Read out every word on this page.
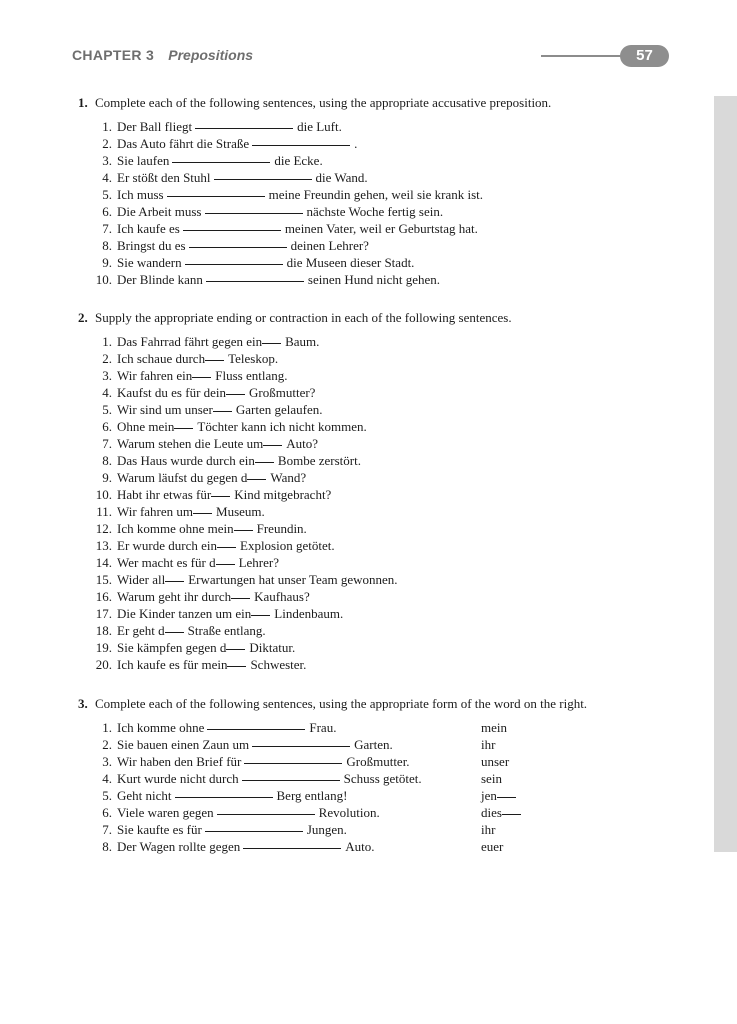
CHAPTER 3 Prepositions	57

1. Complete each of the following sentences, using the appropriate accusative preposition.

1. Der Ball fliegt	die Luft.
2. Das Auto fährt die Straße	.
3. Sie laufen	die Ecke.
4. Er stößt den Stuhl	die Wand.
5. Ich muss	meine Freundin gehen, weil sie krank ist.
6. Die Arbeit muss	nächste Woche fertig sein.
7. Ich kaufe es	meinen Vater, weil er Geburtstag hat.
8. Bringst du es	deinen Lehrer?
9. Sie wandern	die Museen dieser Stadt.
10. Der Blinde kann	seinen Hund nicht gehen.

2. Supply the appropriate ending or contraction in each of the following sentences.

1. Das Fahrrad fährt gegen ein Baum.
2. Ich schaue durch Teleskop.
3. Wir fahren ein Fluss entlang.
4. Kaufst du es für dein Großmutter?
5. Wir sind um unser Garten gelaufen.
6. Ohne mein Töchter kann ich nicht kommen.
7. Warum stehen die Leute um Auto?
8. Das Haus wurde durch ein Bombe zerstört.
9. Warum läufst du gegen d Wand?
10. Habt ihr etwas für Kind mitgebracht?
11. Wir fahren um Museum.
12. Ich komme ohne mein Freundin.
13. Er wurde durch ein Explosion getötet.
14. Wer macht es für d Lehrer?
15. Wider all Erwartungen hat unser Team gewonnen.
16. Warum geht ihr durch Kaufhaus?
17. Die Kinder tanzen um ein Lindenbaum.
18. Er geht d Straße entlang.
19. Sie kämpfen gegen d Diktatur.
20. Ich kaufe es für mein Schwester.

3. Complete each of the following sentences, using the appropriate form of the word on the right.

1. Ich komme ohne	Frau.	mein
2. Sie bauen einen Zaun um	Garten.	ihr
3. Wir haben den Brief für	Großmutter.	unser
4. Kurt wurde nicht durch	Schuss getötet.	sein
5. Geht nicht	Berg entlang!	jen
6. Viele waren gegen	Revolution.	dies
7. Sie kaufte es für	Jungen.	ihr
8. Der Wagen rollte gegen	Auto.	euer
